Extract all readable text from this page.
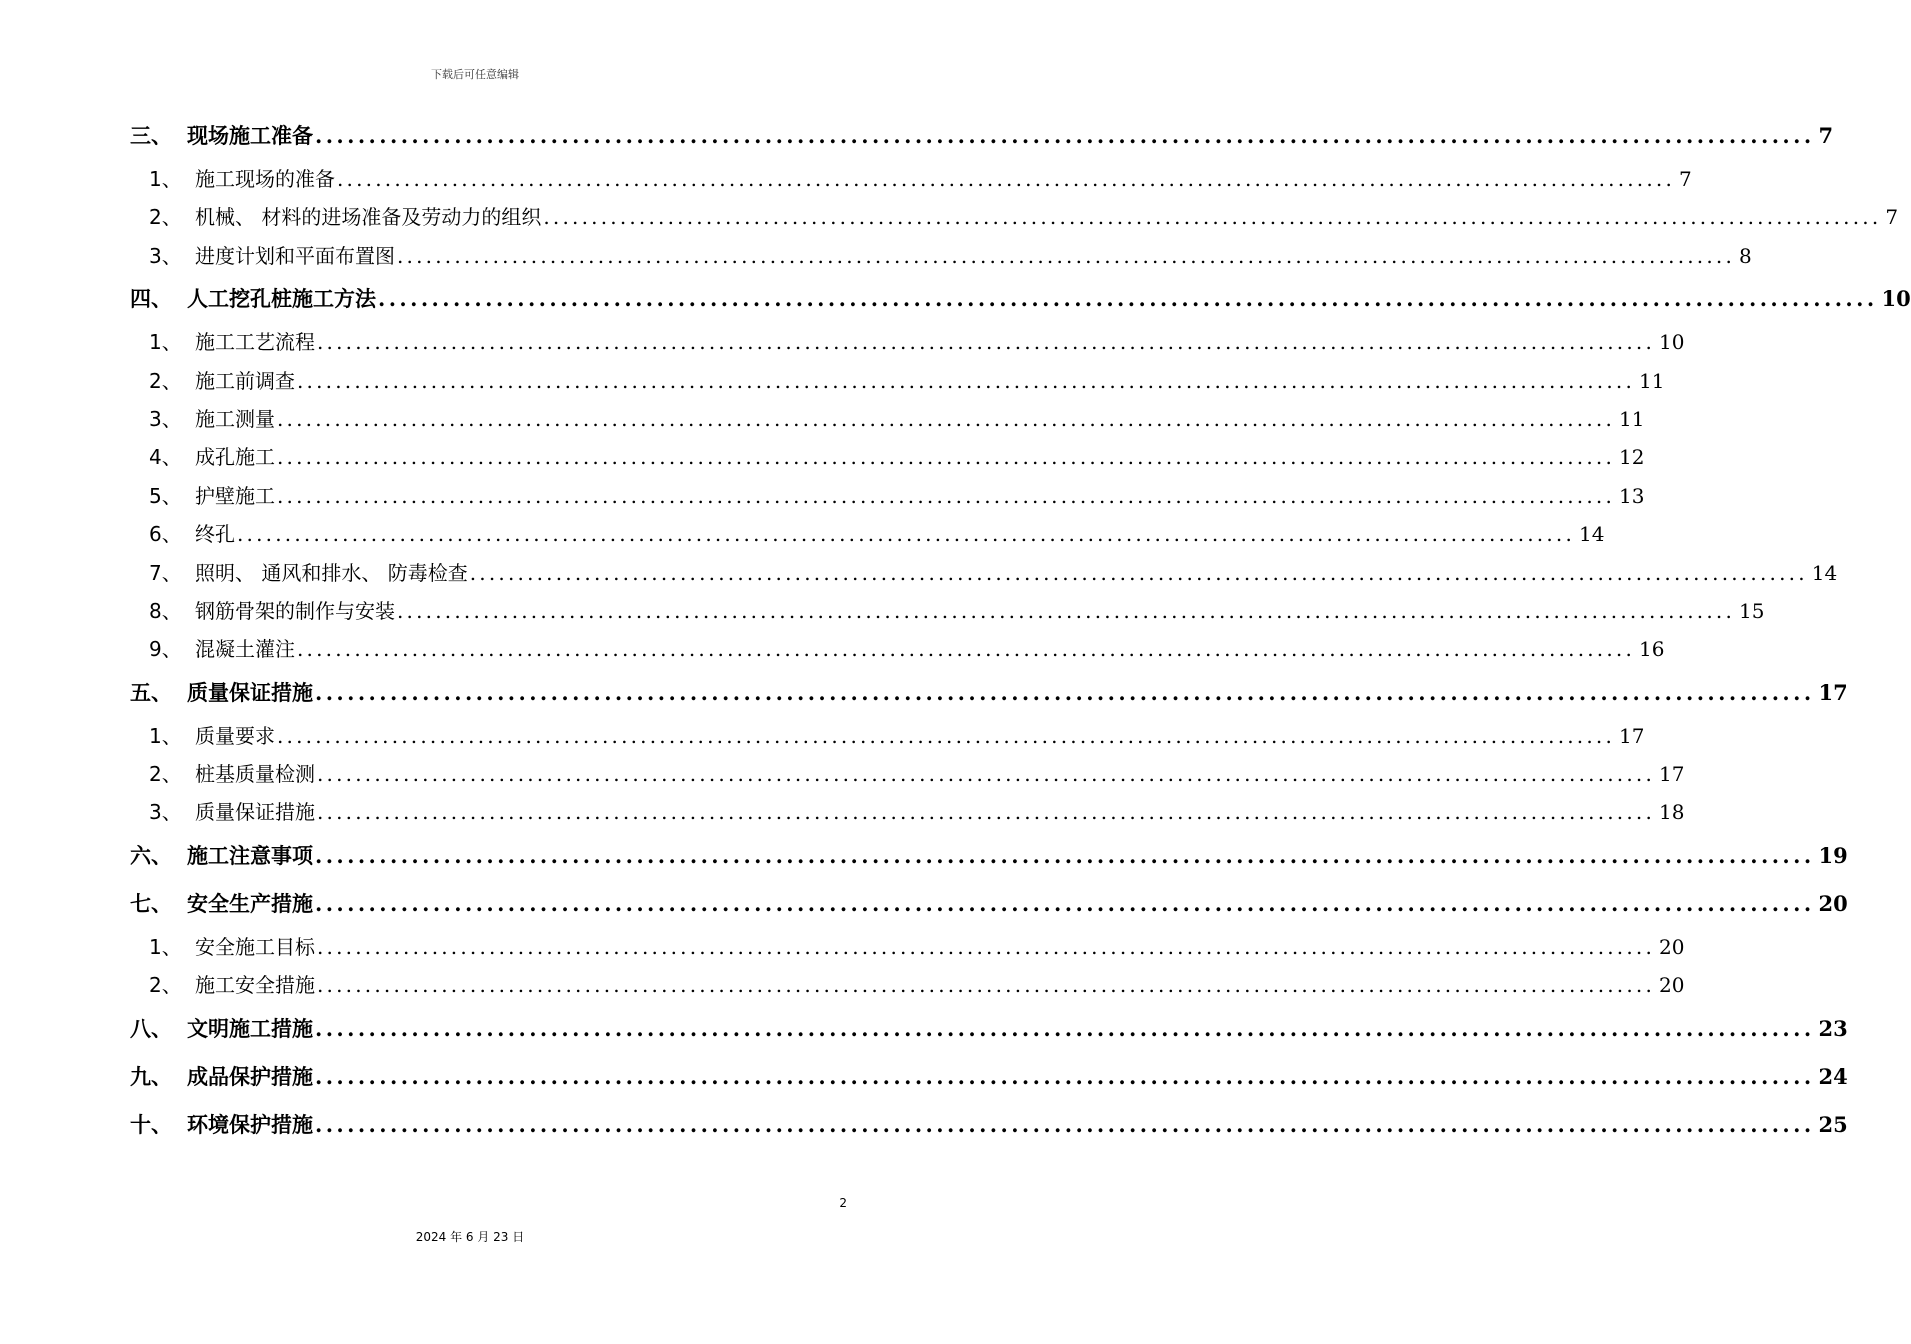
下载后可任意编辑
三、 现场施工准备 ............................................................................................................................................ 7
1、 施工现场的准备 ............................................................................................................................................ 7
2、 机械、 材料的进场准备及劳动力的组织 ............................................................................................................................................ 7
3、 进度计划和平面布置图 ............................................................................................................................................ 8
四、 人工挖孔桩施工方法 ............................................................................................................................................ 10
1、 施工工艺流程 ............................................................................................................................................ 10
2、 施工前调查 ............................................................................................................................................ 11
3、 施工测量 ............................................................................................................................................ 11
4、 成孔施工 ............................................................................................................................................ 12
5、 护壁施工 ............................................................................................................................................ 13
6、 终孔 ............................................................................................................................................ 14
7、 照明、 通风和排水、 防毒检查 ............................................................................................................................................ 14
8、 钢筋骨架的制作与安装 ............................................................................................................................................ 15
9、 混凝土灌注 ............................................................................................................................................ 16
五、 质量保证措施 ............................................................................................................................................ 17
1、 质量要求 ............................................................................................................................................ 17
2、 桩基质量检测 ............................................................................................................................................ 17
3、 质量保证措施 ............................................................................................................................................ 18
六、 施工注意事项 ............................................................................................................................................ 19
七、 安全生产措施 ............................................................................................................................................ 20
1、 安全施工目标 ............................................................................................................................................ 20
2、 施工安全措施 ............................................................................................................................................ 20
八、 文明施工措施 ............................................................................................................................................ 23
九、 成品保护措施 ............................................................................................................................................ 24
十、 环境保护措施 ............................................................................................................................................ 25
2
2024 年 6 月 23 日
